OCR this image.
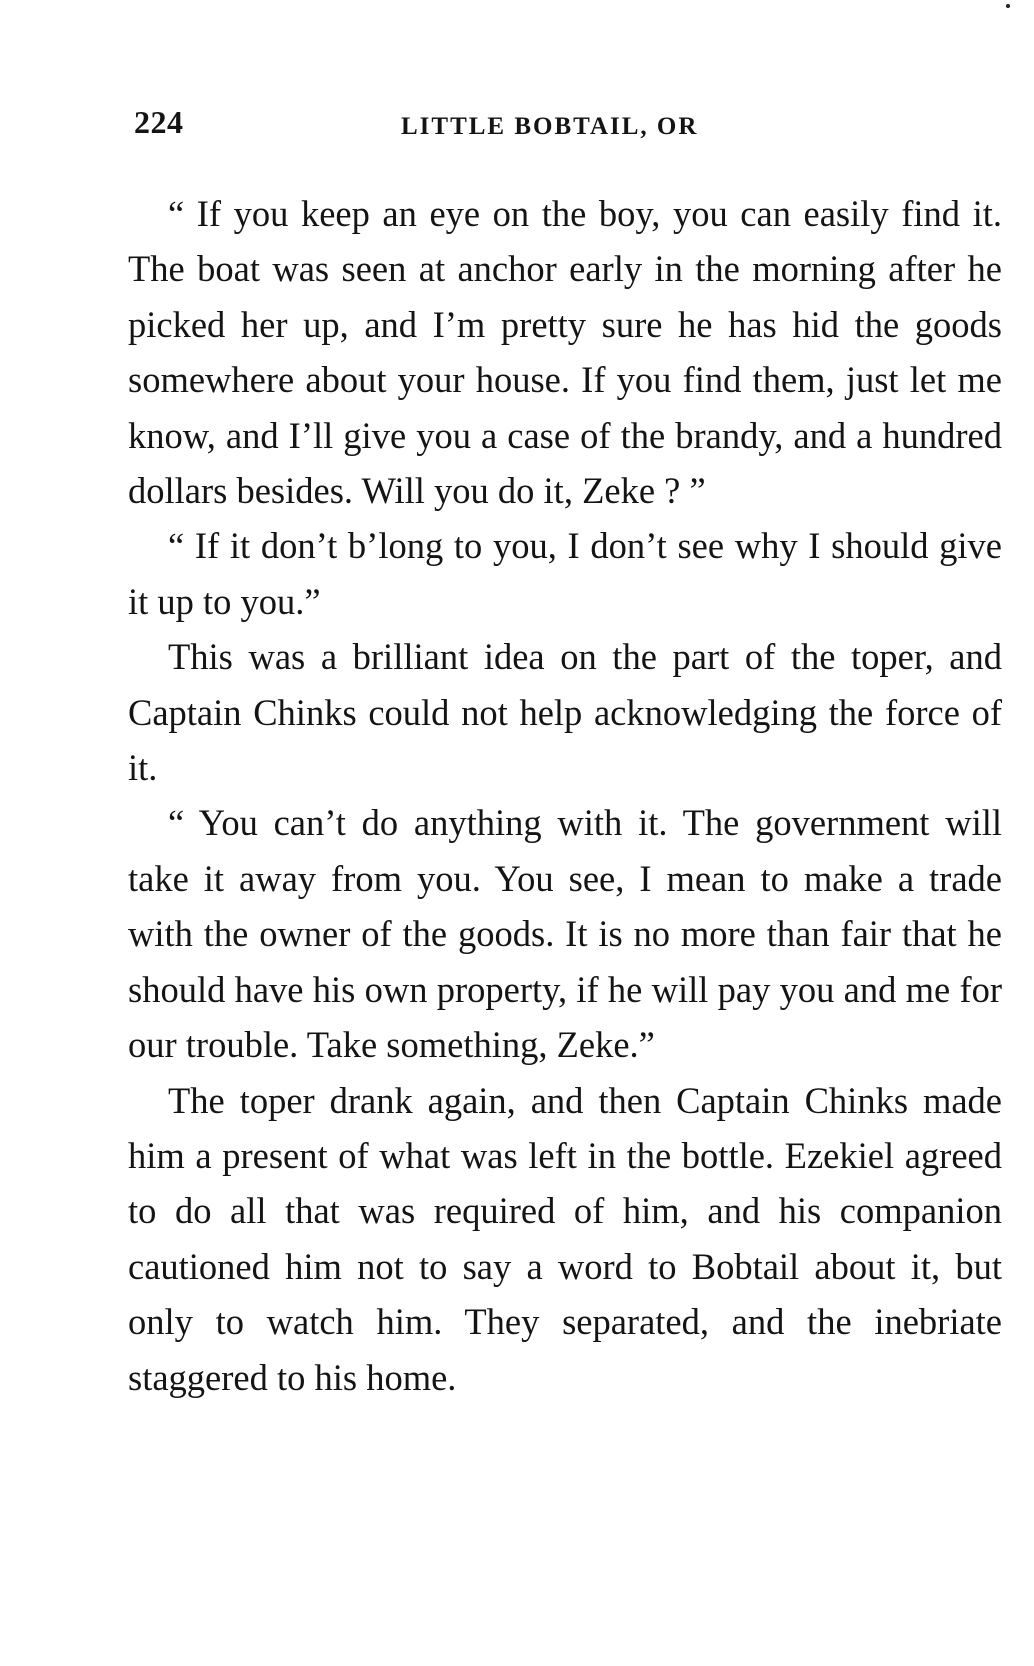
224	LITTLE BOBTAIL, OR

“ If you keep an eye on the boy, you can easily find it. The boat was seen at anchor early in the morning after he picked her up, and I’m pretty sure he has hid the goods somewhere about your house. If you find them, just let me know, and I’ll give you a case of the brandy, and a hundred dollars besides. Will you do it, Zeke ? ”

“ If it don’t b’long to you, I don’t see why I should give it up to you.”

This was a brilliant idea on the part of the toper, and Captain Chinks could not help acknowledging the force of it.

“ You can’t do anything with it. The government will take it away from you. You see, I mean to make a trade with the owner of the goods. It is no more than fair that he should have his own property, if he will pay you and me for our trouble. Take something, Zeke.”

The toper drank again, and then Captain Chinks made him a present of what was left in the bottle. Ezekiel agreed to do all that was required of him, and his companion cautioned him not to say a word to Bobtail about it, but only to watch him. They separated, and the inebriate staggered to his home.
